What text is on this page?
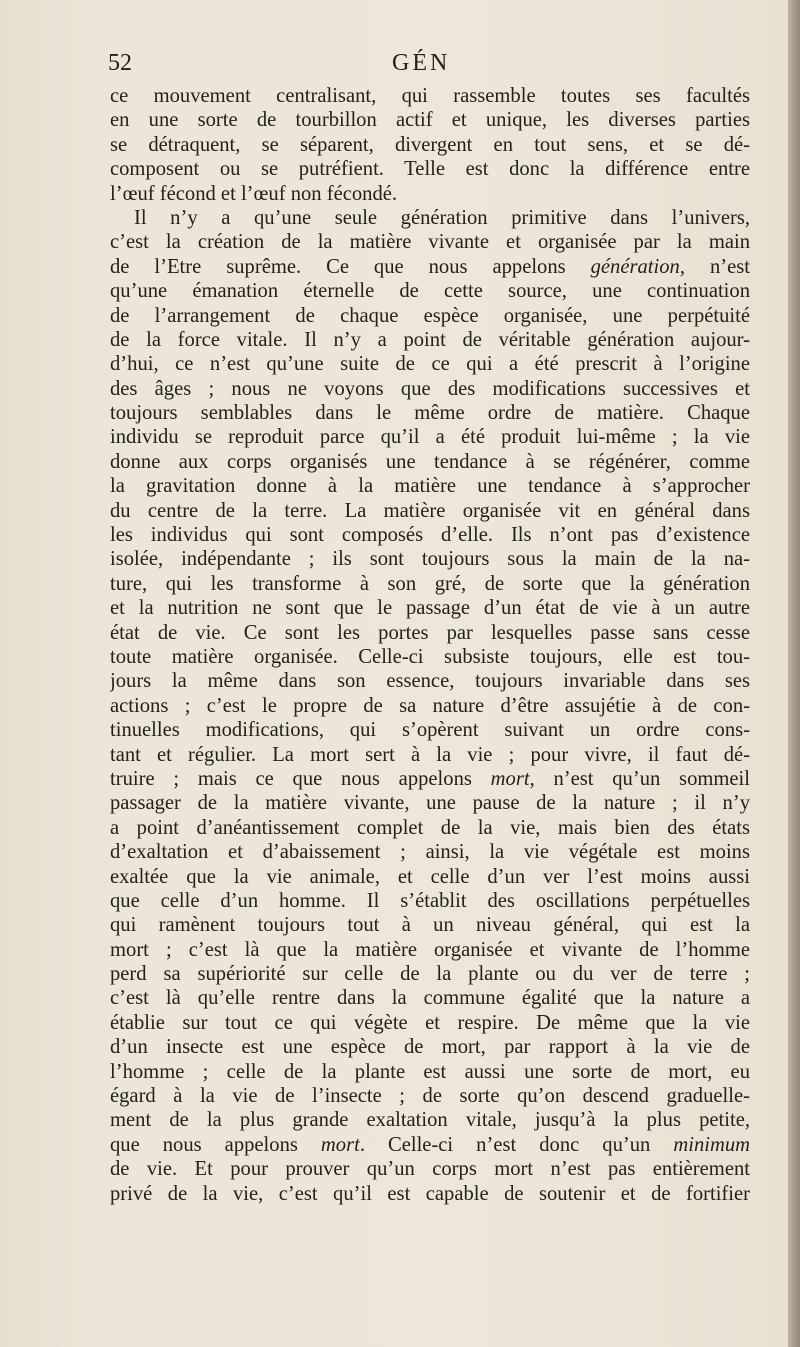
52	GÉN
ce mouvement centralisant, qui rassemble toutes ses facultés
en une sorte de tourbillon actif et unique, les diverses parties
se détraquent, se séparent, divergent en tout sens, et se dé-
composent ou se putréfient. Telle est donc la différence entre
l’œuf fécond et l’œuf non fécondé.
Il n’y a qu’une seule génération primitive dans l’univers,
c’est la création de la matière vivante et organisée par la main
de l’Etre suprême. Ce que nous appelons génération, n’est
qu’une émanation éternelle de cette source, une continuation
de l’arrangement de chaque espèce organisée, une perpétuité
de la force vitale. Il n’y a point de véritable génération aujour-
d’hui, ce n’est qu’une suite de ce qui a été prescrit à l’origine
des âges ; nous ne voyons que des modifications successives et
toujours semblables dans le même ordre de matière. Chaque
individu se reproduit parce qu’il a été produit lui-même ; la vie
donne aux corps organisés une tendance à se régénérer, comme
la gravitation donne à la matière une tendance à s’approcher
du centre de la terre. La matière organisée vit en général dans
les individus qui sont composés d’elle. Ils n’ont pas d’existence
isolée, indépendante ; ils sont toujours sous la main de la na-
ture, qui les transforme à son gré, de sorte que la génération
et la nutrition ne sont que le passage d’un état de vie à un autre
état de vie. Ce sont les portes par lesquelles passe sans cesse
toute matière organisée. Celle-ci subsiste toujours, elle est tou-
jours la même dans son essence, toujours invariable dans ses
actions ; c’est le propre de sa nature d’être assujétie à de con-
tinuelles modifications, qui s’opèrent suivant un ordre cons-
tant et régulier. La mort sert à la vie ; pour vivre, il faut dé-
truire ; mais ce que nous appelons mort, n’est qu’un sommeil
passager de la matière vivante, une pause de la nature ; il n’y
a point d’anéantissement complet de la vie, mais bien des états
d’exaltation et d’abaissement ; ainsi, la vie végétale est moins
exaltée que la vie animale, et celle d’un ver l’est moins aussi
que celle d’un homme. Il s’établit des oscillations perpétuelles
qui ramènent toujours tout à un niveau général, qui est la
mort ; c’est là que la matière organisée et vivante de l’homme
perd sa supériorité sur celle de la plante ou du ver de terre ;
c’est là qu’elle rentre dans la commune égalité que la nature a
établie sur tout ce qui végète et respire. De même que la vie
d’un insecte est une espèce de mort, par rapport à la vie de
l’homme ; celle de la plante est aussi une sorte de mort, eu
égard à la vie de l’insecte ; de sorte qu’on descend graduelle-
ment de la plus grande exaltation vitale, jusqu’à la plus petite,
que nous appelons mort. Celle-ci n’est donc qu’un minimum
de vie. Et pour prouver qu’un corps mort n’est pas entièrement
privé de la vie, c’est qu’il est capable de soutenir et de fortifier
